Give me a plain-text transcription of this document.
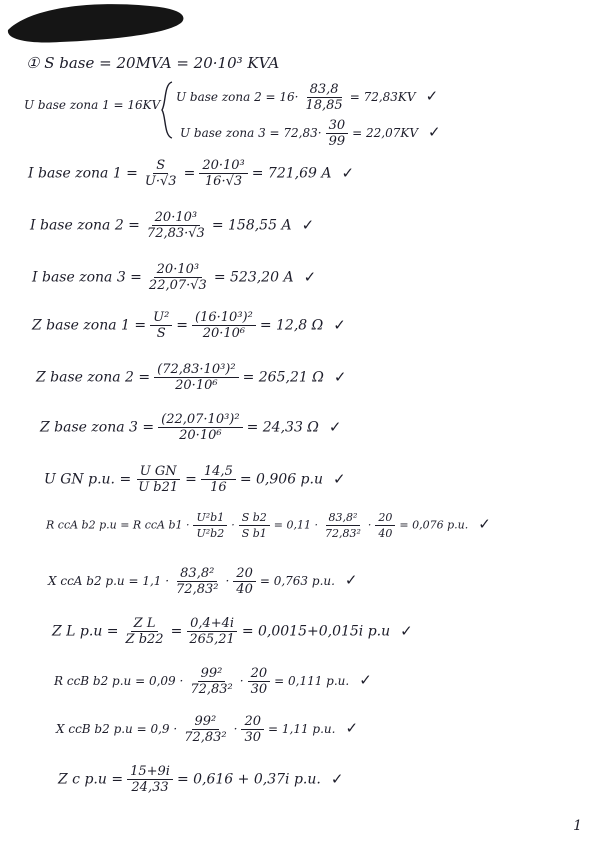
① S base = 20MVA = 20·10³ KVA
U base zona 1 = 16KV
U base zona $2 = 16\cdot \frac{83,8}{18,85} = 72,83KV$ ✓
U base zona $3 = 72,83\cdot \frac{30}{99} = 22,07KV$ ✓
I base zona $1 = \frac{S}{U\cdot√3} = \frac{\text{20·10³}}{16\cdot√3} = 721,69$ A ✓
I base zona $2 = \frac{\text{20·10³}}{72,83\cdot√3} = 158,55$ A ✓
I base zona $3 = \frac{\text{20·10³}}{22,07\cdot√3} = 523,20$ A ✓
Z base zona $1 = \frac{\text{U²}}{S} = \frac{\text{(16·10³)²}}{\text{20·10⁶}} = 12,8$ Ω ✓
Z base zona $2 = \frac{\text{(72,83·10³)²}}{\text{20·10⁶}} = 265,21$ Ω ✓
Z base zona $3 = \frac{\text{(22,07·10³)²}}{\text{20·10⁶}} = 24,33$ Ω ✓
U GN p.u. = $\frac{\text{U GN}}{\text{U b21}} = \frac{14,5}{16} = 0,906$ p.u ✓
R ccA b2 p.u = R ccA $b1 \cdot \frac{\text{U²b1}}{\text{U²b2}} \cdot \frac{\text{S b2}}{\text{S b1}} = 0,11 \cdot \frac{\text{83,8²}}{\text{72,83²}} \cdot \frac{20}{40} = 0,076$ p.u. ✓
X ccA b2 $p.u = 1,1 \cdot \frac{\text{83,8²}}{\text{72,83²}} \cdot \frac{20}{40} = 0,763$ p.u. ✓
Z L $p.u = \frac{\text{Z L}}{\text{Z b22}} = \frac{0,4+4i}{265,21} = 0,0015+0,015i$ p.u ✓
R ccB b2 $p.u = 0,09 \cdot \frac{\text{99²}}{\text{72,83²}} \cdot \frac{20}{30} = 0,111$ p.u. ✓
X ccB b2 $p.u = 0,9 \cdot \frac{\text{99²}}{\text{72,83²}} \cdot \frac{20}{30} = 1,11$ p.u. ✓
Z c $p.u = \frac{15+9i}{24,33} = 0,616 + 0,37i$ p.u. ✓
1
